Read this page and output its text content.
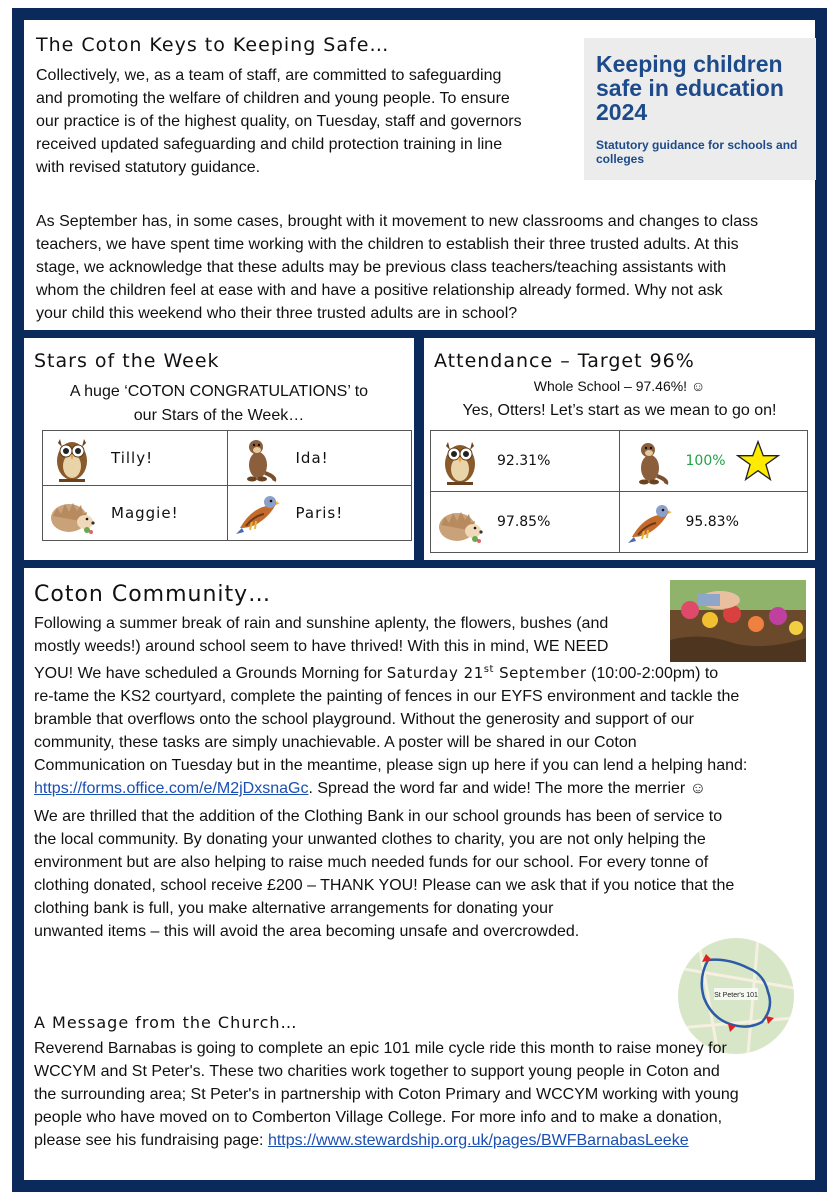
The Coton Keys to Keeping Safe…
Collectively, we, as a team of staff, are committed to safeguarding
and promoting the welfare of children and young people. To ensure
our practice is of the highest quality, on Tuesday, staff and governors
received updated safeguarding and child protection training in line
with revised statutory guidance.
Keeping children
safe in education
2024
Statutory guidance for schools and
colleges
As September has, in some cases, brought with it movement to new classrooms and changes to class
teachers, we have spent time working with the children to establish their three trusted adults. At this
stage, we acknowledge that these adults may be previous class teachers/teaching assistants with
whom the children feel at ease with and have a positive relationship already formed. Why not ask
your child this weekend who their three trusted adults are in school?
Stars of the Week
A huge ‘COTON CONGRATULATIONS’ to
our Stars of the Week…
Tilly!	Ida!

Maggie!	Paris!
Attendance – Target 96%
Whole School – 97.46%! ☺
Yes, Otters! Let’s start as we mean to go on!
92.31%	100%

97.85%	95.83%
Coton Community…
Following a summer break of rain and sunshine aplenty, the flowers, bushes (and
mostly weeds!) around school seem to have thrived! With this in mind, WE NEED
YOU! We have scheduled a Grounds Morning for Saturday 21st September (10:00-2:00pm) to
re-tame the KS2 courtyard, complete the painting of fences in our EYFS environment and tackle the
bramble that overflows onto the school playground. Without the generosity and support of our
community, these tasks are simply unachievable. A poster will be shared in our Coton
Communication on Tuesday but in the meantime, please sign up here if you can lend a helping hand:
https://forms.office.com/e/M2jDxsnaGc. Spread the word far and wide! The more the merrier ☺
We are thrilled that the addition of the Clothing Bank in our school grounds has been of service to
the local community. By donating your unwanted clothes to charity, you are not only helping the
environment but are also helping to raise much needed funds for our school. For every tonne of
clothing donated, school receive £200 – THANK YOU! Please can we ask that if you notice that the
clothing bank is full, you make alternative arrangements for donating your
unwanted items – this will avoid the area becoming unsafe and overcrowded.
St Peter's 101
A Message from the Church…
Reverend Barnabas is going to complete an epic 101 mile cycle ride this month to raise money for
WCCYM and St Peter's. These two charities work together to support young people in Coton and
the surrounding area; St Peter's in partnership with Coton Primary and WCCYM working with young
people who have moved on to Comberton Village College. For more info and to make a donation,
please see his fundraising page: https://www.stewardship.org.uk/pages/BWFBarnabasLeeke
